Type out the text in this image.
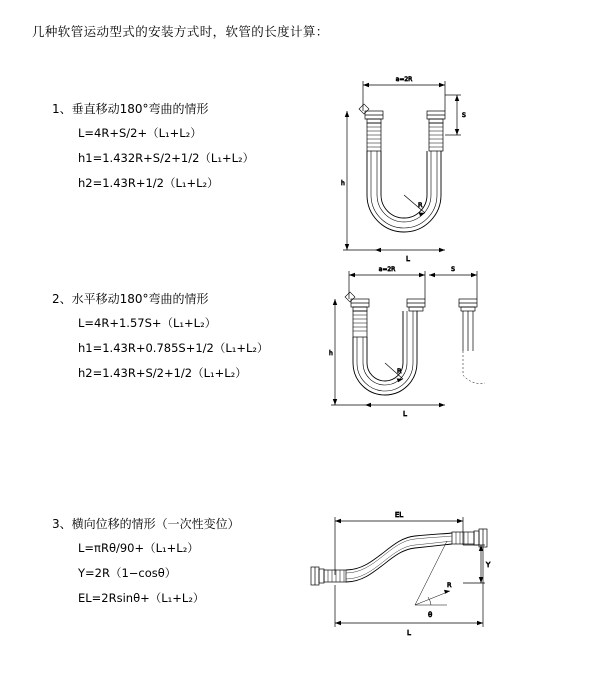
几种软管运动型式的安装方式时，软管的长度计算：
1、垂直移动180°弯曲的情形
L=4R+S/2+（L₁+L₂）
h1=1.432R+S/2+1/2（L₁+L₂）
h2=1.43R+1/2（L₁+L₂）
a=2R
S
h
R
L
2、水平移动180°弯曲的情形
L=4R+1.57S+（L₁+L₂）
h1=1.43R+0.785S+1/2（L₁+L₂）
h2=1.43R+S/2+1/2（L₁+L₂）
a=2R	S
h
R
L
3、横向位移的情形（一次性变位）
L=πRθ/90+（L₁+L₂）
Y=2R（1−cosθ）
EL=2Rsinθ+（L₁+L₂）
EL
Y
θ
R
L
